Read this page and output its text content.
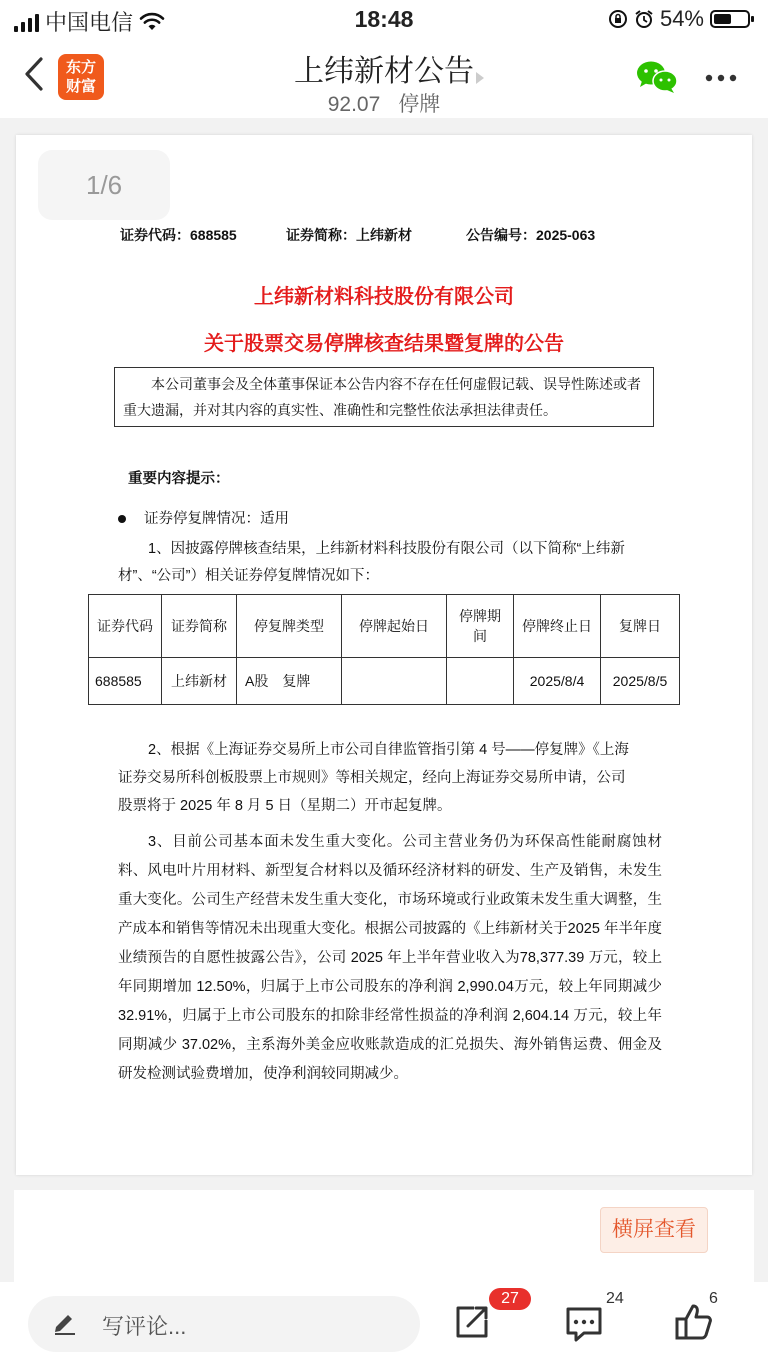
中国电信	18:48	54%
东方
财富	上纬新材公告
92.07 停牌
1/6
证券代码：688585	证券简称：上纬新材	公告编号：2025-063
上纬新材料科技股份有限公司
关于股票交易停牌核查结果暨复牌的公告
本公司董事会及全体董事保证本公告内容不存在任何虚假记载、误导性陈述或者重大遗漏，并对其内容的真实性、准确性和完整性依法承担法律责任。
重要内容提示：
证券停复牌情况：适用
1、因披露停牌核查结果，上纬新材料科技股份有限公司（以下简称“上纬新
材”、“公司”）相关证券停复牌情况如下：
证券代码	证券简称	停复牌类型	停牌起始日	停牌期间	停牌终止日	复牌日
688585	上纬新材	A股　复牌			2025/8/4	2025/8/5
2、根据《上海证券交易所上市公司自律监管指引第 4 号——停复牌》《上海
证券交易所科创板股票上市规则》等相关规定，经向上海证券交易所申请，公司
股票将于 2025 年 8 月 5 日（星期二）开市起复牌。
3、目前公司基本面未发生重大变化。公司主营业务仍为环保高性能耐腐蚀材料、风电叶片用材料、新型复合材料以及循环经济材料的研发、生产及销售，未发生重大变化。公司生产经营未发生重大变化，市场环境或行业政策未发生重大调整，生产成本和销售等情况未出现重大变化。根据公司披露的《上纬新材关于2025 年半年度业绩预告的自愿性披露公告》，公司 2025 年上半年营业收入为78,377.39 万元，较上年同期增加 12.50%，归属于上市公司股东的净利润 2,990.04万元，较上年同期减少 32.91%，归属于上市公司股东的扣除非经常性损益的净利润 2,604.14 万元，较上年同期减少 37.02%，主系海外美金应收账款造成的汇兑损失、海外销售运费、佣金及研发检测试验费增加，使净利润较同期减少。
横屏查看
写评论...
27	24	6
